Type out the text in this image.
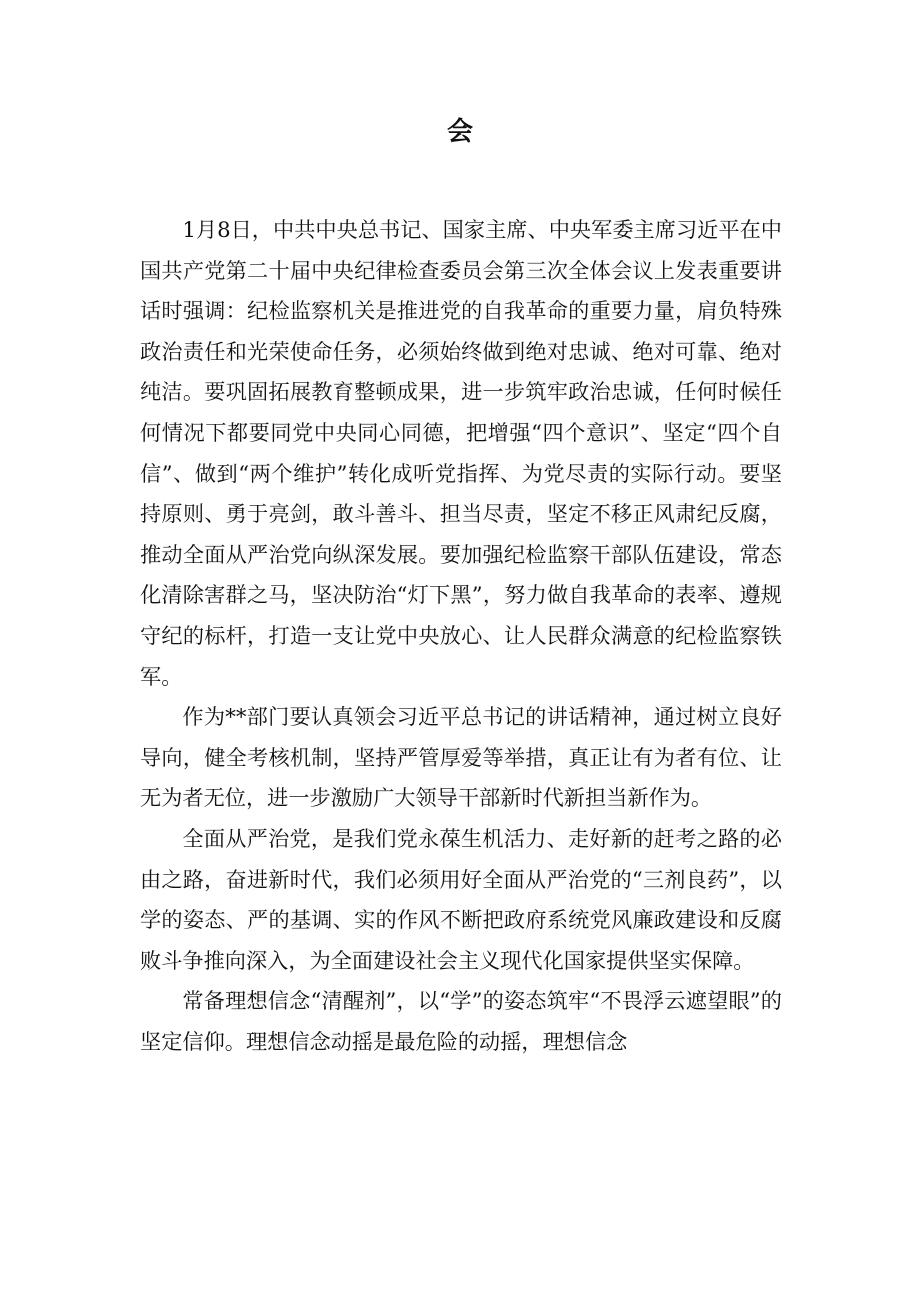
会

1月8日，中共中央总书记、国家主席、中央军委主席习近平在中国共产党第二十届中央纪律检查委员会第三次全体会议上发表重要讲话时强调：纪检监察机关是推进党的自我革命的重要力量，肩负特殊政治责任和光荣使命任务，必须始终做到绝对忠诚、绝对可靠、绝对纯洁。要巩固拓展教育整顿成果，进一步筑牢政治忠诚，任何时候任何情况下都要同党中央同心同德，把增强“四个意识”、坚定“四个自信”、做到“两个维护”转化成听党指挥、为党尽责的实际行动。要坚持原则、勇于亮剑，敢斗善斗、担当尽责，坚定不移正风肃纪反腐，推动全面从严治党向纵深发展。要加强纪检监察干部队伍建设，常态化清除害群之马，坚决防治“灯下黑”，努力做自我革命的表率、遵规守纪的标杆，打造一支让党中央放心、让人民群众满意的纪检监察铁军。

作为**部门要认真领会习近平总书记的讲话精神，通过树立良好导向，健全考核机制，坚持严管厚爱等举措，真正让有为者有位、让无为者无位，进一步激励广大领导干部新时代新担当新作为。

全面从严治党，是我们党永葆生机活力、走好新的赶考之路的必由之路，奋进新时代，我们必须用好全面从严治党的“三剂良药”，以学的姿态、严的基调、实的作风不断把政府系统党风廉政建设和反腐败斗争推向深入，为全面建设社会主义现代化国家提供坚实保障。

常备理想信念“清醒剂”，以“学”的姿态筑牢“不畏浮云遮望眼”的坚定信仰。理想信念动摇是最危险的动摇，理想信念
